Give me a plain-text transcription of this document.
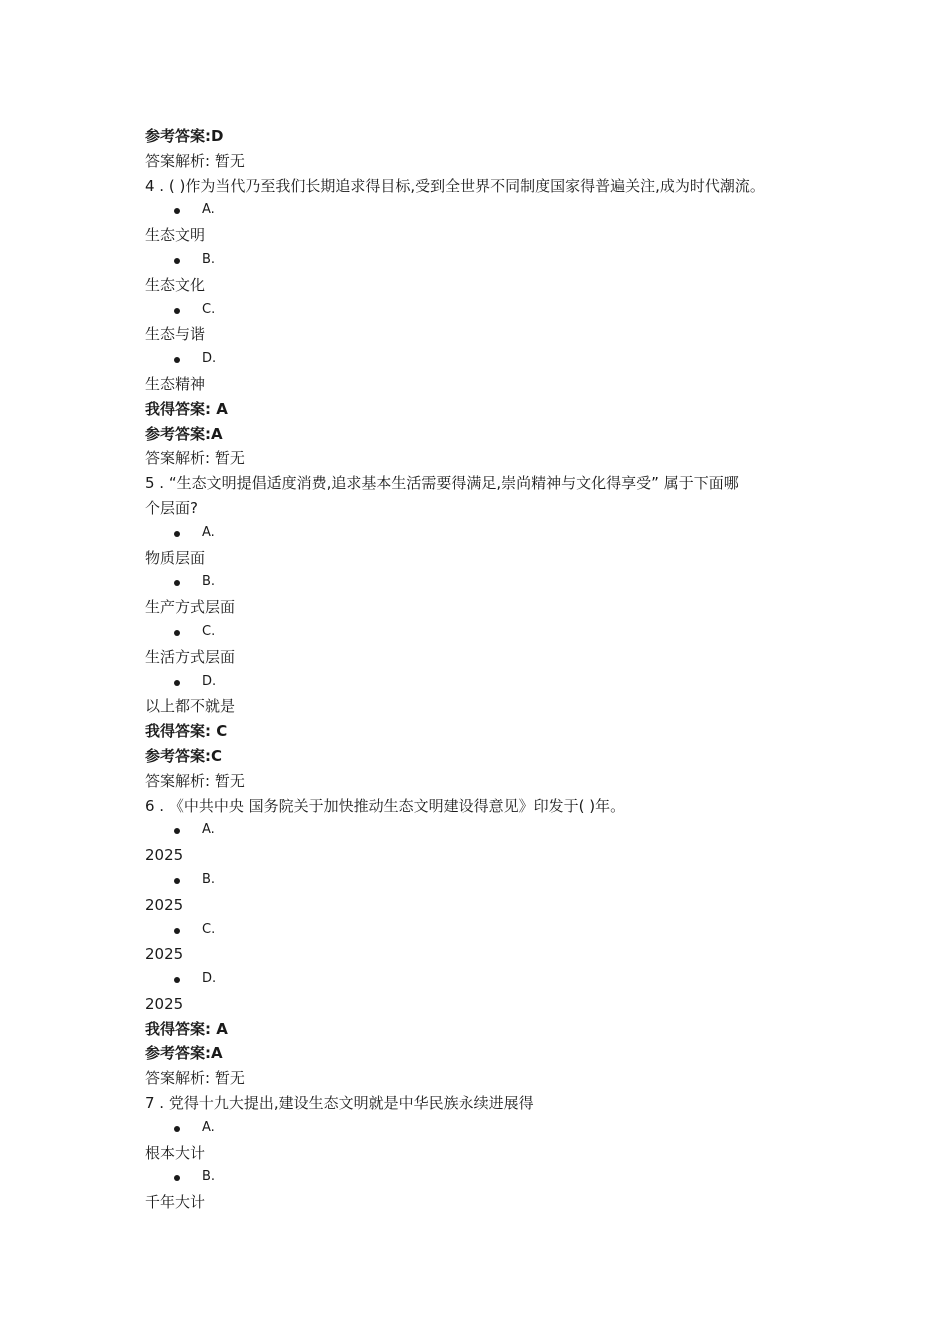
参考答案:D
答案解析: 暂无
4 . ( )作为当代乃至我们长期追求得目标,受到全世界不同制度国家得普遍关注,成为时代潮流。
A.
生态文明
B.
生态文化
C.
生态与谐
D.
生态精神
我得答案: A
参考答案:A
答案解析: 暂无
5 . “生态文明提倡适度消费,追求基本生活需要得满足,崇尚精神与文化得享受” 属于下面哪
个层面?
A.
物质层面
B.
生产方式层面
C.
生活方式层面
D.
以上都不就是
我得答案: C
参考答案:C
答案解析: 暂无
6 . 《中共中央 国务院关于加快推动生态文明建设得意见》印发于( )年。
A.
2025
B.
2025
C.
2025
D.
2025
我得答案: A
参考答案:A
答案解析: 暂无
7 . 党得十九大提出,建设生态文明就是中华民族永续进展得
A.
根本大计
B.
千年大计
